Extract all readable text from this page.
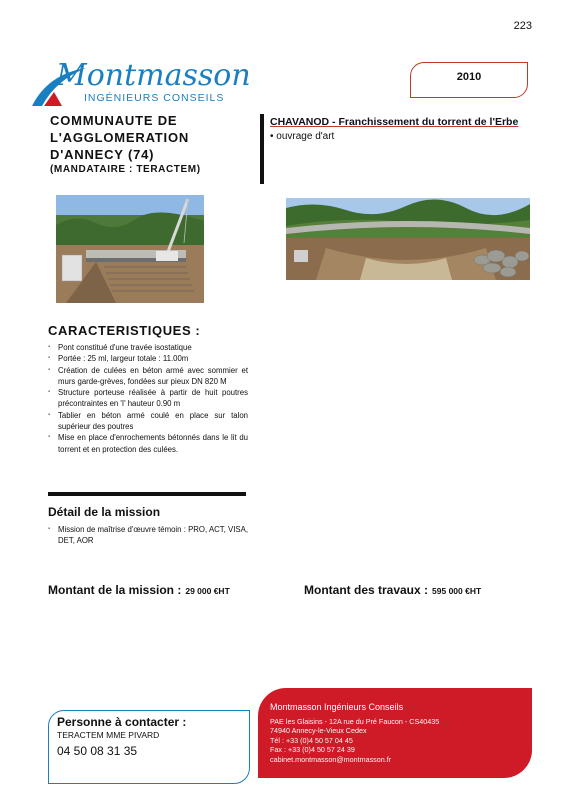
223
Montmasson
INGÉNIEURS CONSEILS
2010
COMMUNAUTE DE
L'AGGLOMERATION
D'ANNECY (74)
(MANDATAIRE : TERACTEM)
CHAVANOD - Franchissement du torrent de l'Erbe
• ouvrage d'art
CARACTERISTIQUES :
▪ Pont constitué d'une travée isostatique
▪ Portée : 25 ml, largeur totale : 11.00m
▪ Création de culées en béton armé avec sommier et murs garde-grèves, fondées sur pieux DN 820 M
▪ Structure porteuse réalisée à partir de huit poutres précontraintes en 'I' hauteur 0.90 m
▪ Tablier en béton armé coulé en place sur talon supérieur des poutres
▪ Mise en place d'enrochements bétonnés dans le lit du torrent et en protection des culées.
Détail de la mission
▪ Mission de maîtrise d'œuvre témoin : PRO, ACT, VISA, DET, AOR
Montant de la mission : 29 000 €HT	Montant des travaux : 595 000 €HT
Montmasson Ingénieurs Conseils
PAE les Glaisins - 12A rue du Pré Faucon - CS40435
74940 Annecy-le-Vieux Cedex
Tél : +33 (0)4 50 57 04 45
Fax : +33 (0)4 50 57 24 39
cabinet.montmasson@montmasson.fr
Personne à contacter :
TERACTEM MME PIVARD
04 50 08 31 35
